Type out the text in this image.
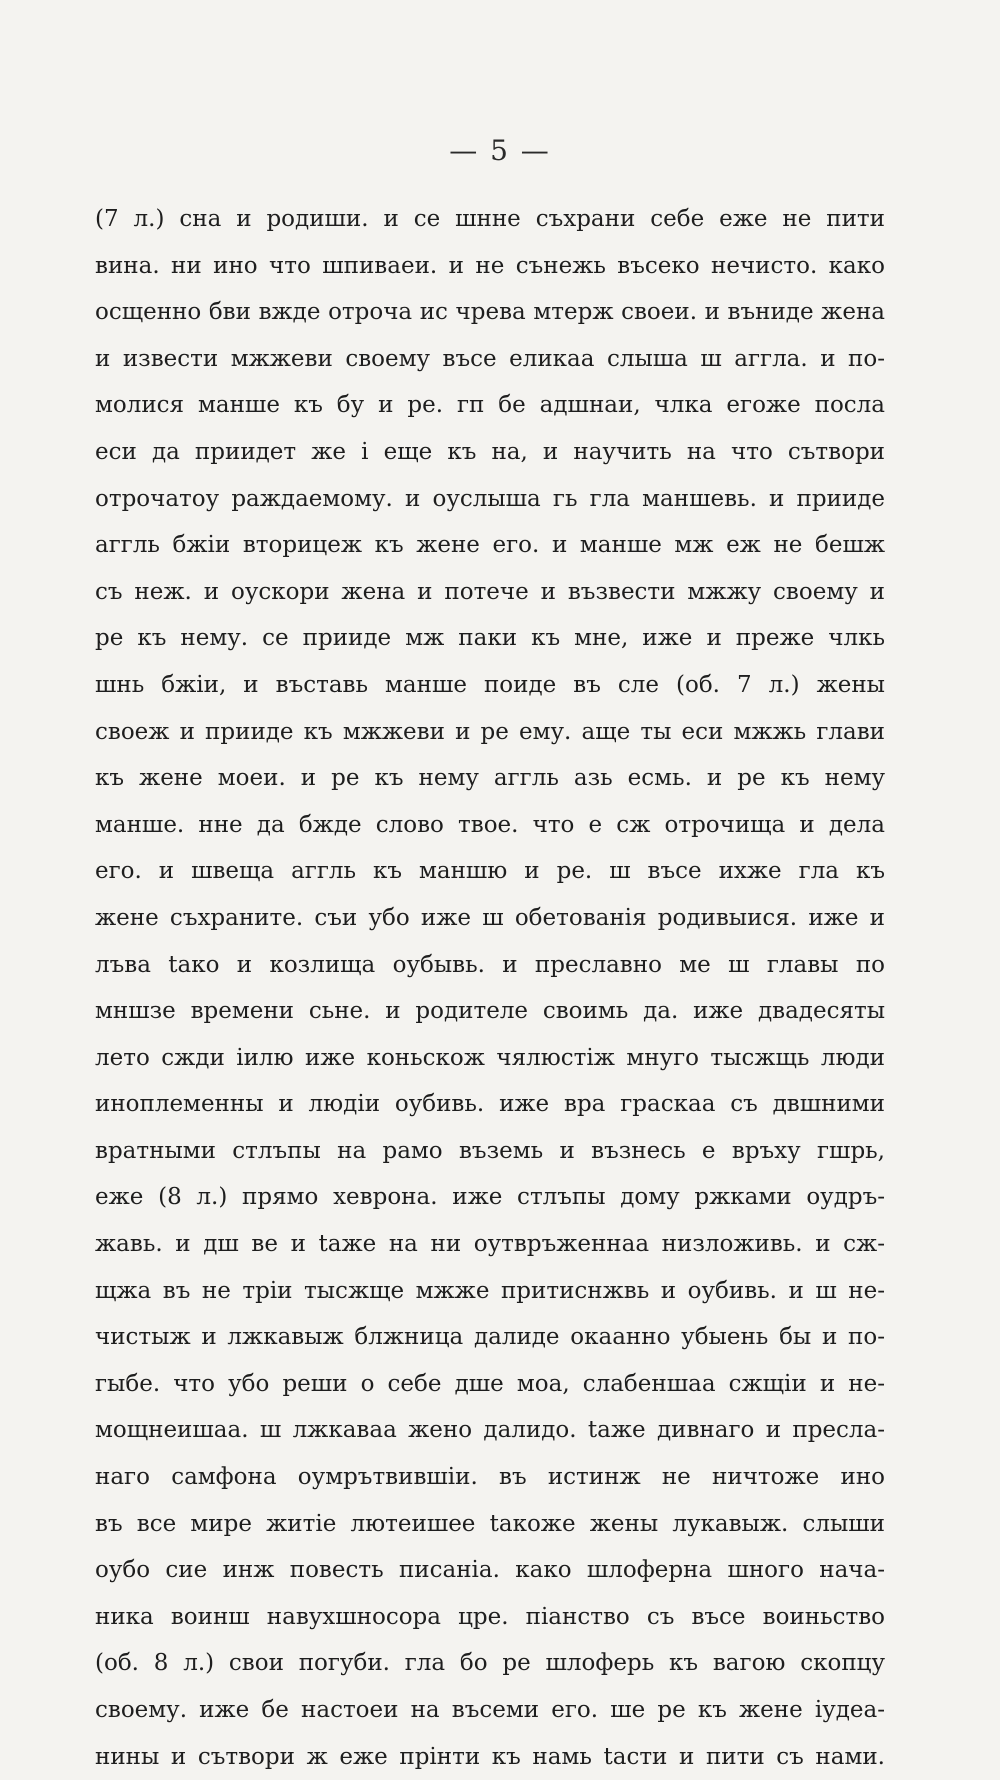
— 5 —
(7 л.) сна и родиши. и се шнне съхрани себе еже не пити
вина. ни ино что шпиваеи. и не сънежь въсеко нечисто. како
осщенно бви вжде отроча ис чрева мтерж своеи. и вънидe жена
и извести мжжеви своему въсе еликаа слыша ш аггла. и по-
молися манше къ бу и ре. гп бе адшнаи, члка егоже посла
еси да приидет же і еще къ на, и научить на что сътвори
отрочатоу раждаемому. и оуслыша гь гла маншевь. и приидe
аггль бжіи вторицеж къ жене его. и маншe мж еж не бешж
съ неж. и оускори жена и потече и възвести мжжу своему и
ре къ нему. се приидe мж паки къ мне, иже и преже члкь
шнь бжіи, и въставь маншe поиде въ сле (об. 7 л.) жены
своеж и приидe къ мжжеви и ре ему. аще ты еси мжжь глави
къ жене моеи. и ре къ нему аггль азь есмь. и ре къ нему
маншe. нне да бжде слово твое. что е сж отрочища и дела
его. и швеща аггль къ маншю и ре. ш въсе иxже гла къ
жене съхраните. съи убо иже ш обетованія родивыися. иже и
лъва tако и козлища оубывь. и преславно ме ш главы по
мншзе времени сьне. и родителе своимь да. иже двадесяты
лето сжди іилю иже коньскож чялюстіж мнуго тысжщь люди
иноплеменны и людіи оубивь. иже вра граскаа съ двшними
вратными стлъпы на рамо възeмь и възнесь е връху гшрь,
еже (8 л.) прямо хеврона. иже стлъпы дому ржками оудръ-
жавь. и дш ве и tаже на ни оутвръженнаа низложивь. и сж-
щжа въ не тріи тысжще мжже притиснжвь и оубивь. и ш не-
чистыж и лжкавыж блжница далиде окаанно убыень бы и по-
гыбе. что убо реши о себе дше моа, слабеншаа сжщіи и не-
мощнеишаа. ш лжкавaа жено далидо. tаже дивнаго и пресла-
наго самфона оумрътвившіи. въ истинж не ничтоже ино
въ всe мире житіе лютеишеe tакоже жены лукавыж. слыши
оубо сие инж повесть писаніа. како шлоферна шного нача-
ника воинш навухшносора цре. піанство съ въсe воиньство
(об. 8 л.) свои погуби. гла бо ре шлоферь къ вагою скопцу
своему. иже бе настоеи на въсеми его. ше ре къ жене іудеа-
нины и сътвори ж еже прінти къ намь tасти и пити съ нами.
